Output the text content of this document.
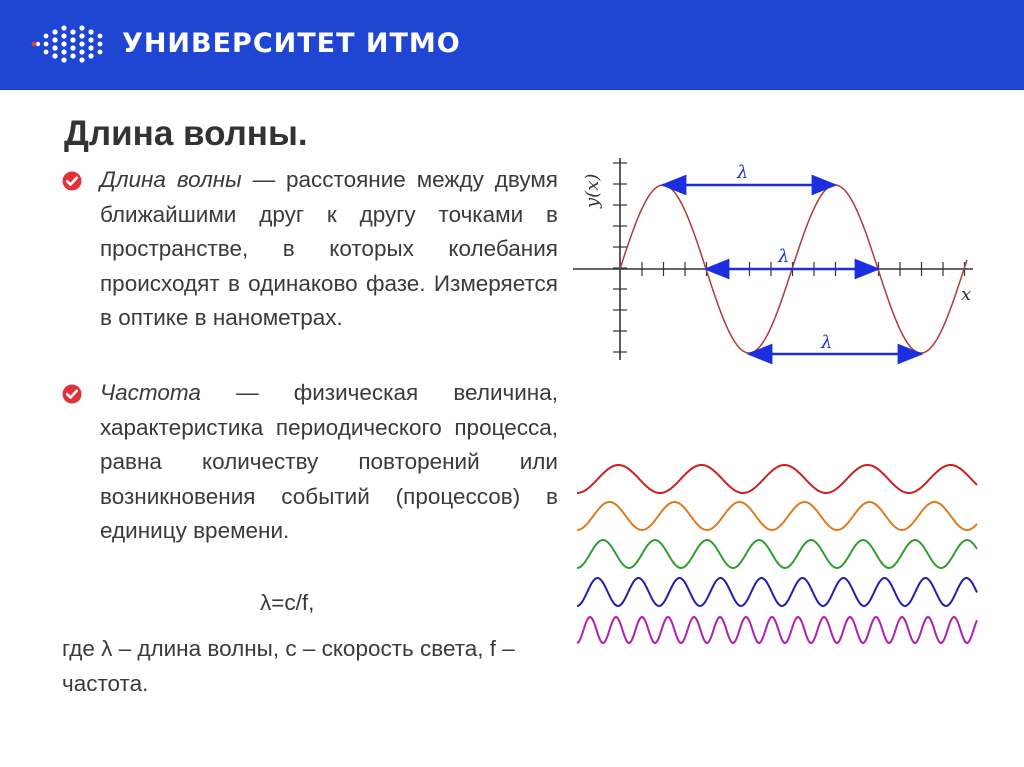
УНИВЕРСИТЕТ ИТМО
Длина волны.
Длина волны — расстояние между двумя ближайшими друг к другу точками в пространстве, в которых колебания происходят в одинаково фазе. Измеряется в оптике в нанометрах.
Частота — физическая величина, характеристика периодического процесса, равна количеству повторений или возникновения событий (процессов) в единицу времени.
λ=c/f,
где λ – длина волны, c – скорость света, f – частота.
λ
λ
λ
y(x)
x
